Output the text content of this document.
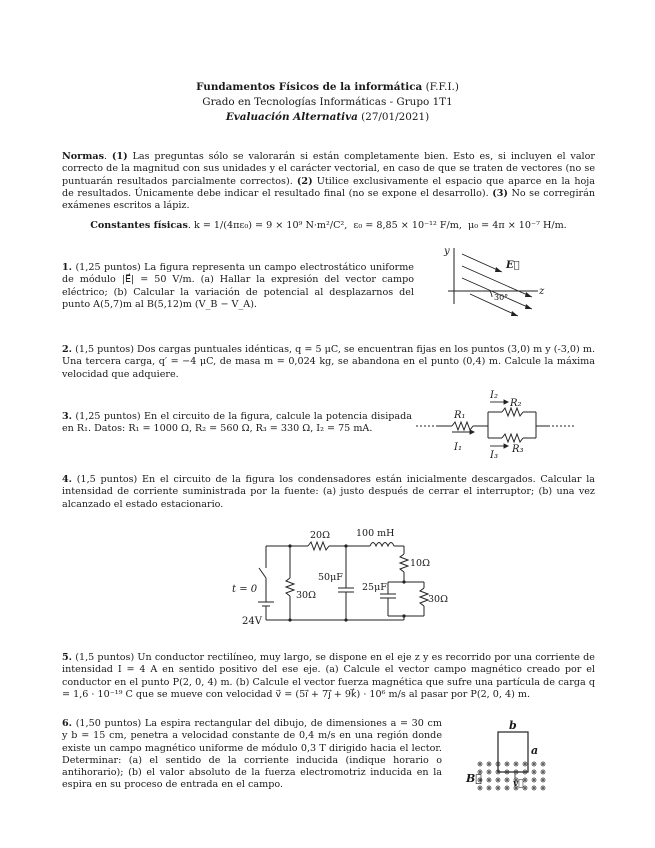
Fundamentos Físicos de la informática (F.F.I.)
Grado en Tecnologías Informáticas - Grupo 1T1
Evaluación Alternativa (27/01/2021)
Normas. (1) Las preguntas sólo se valorarán si están completamente bien. Esto es, si incluyen el valor correcto de la magnitud con sus unidades y el carácter vectorial, en caso de que se traten de vectores (no se puntuarán resultados parcialmente correctos). (2) Utilice exclusivamente el espacio que aparce en la hoja de resultados. Únicamente debe indicar el resultado final (no se expone el desarrollo). (3) No se corregirán exámenes escritos a lápiz.
Constantes físicas. k = 1/(4πε₀) = 9 × 10⁹ N·m²/C², ε₀ = 8,85 × 10⁻¹² F/m, μ₀ = 4π × 10⁻⁷ H/m.
1. (1,25 puntos) La figura representa un campo electrostático uniforme de módulo |E⃗| = 50 V/m. (a) Hallar la expresión del vector campo eléctrico; (b) Calcular la variación de potencial al desplazarnos del punto A(5,7)m al B(5,12)m (V_B − V_A).
y
z
E⃗
30°
2. (1,5 puntos) Dos cargas puntuales idénticas, q = 5 μC, se encuentran fijas en los puntos (3,0) m y (-3,0) m. Una tercera carga, q′ = −4 μC, de masa m = 0,024 kg, se abandona en el punto (0,4) m. Calcule la máxima velocidad que adquiere.
3. (1,25 puntos) En el circuito de la figura, calcule la potencia disipada en R₁. Datos: R₁ = 1000 Ω, R₂ = 560 Ω, R₃ = 330 Ω, I₂ = 75 mA.
R₁
I₁
I₂
R₂
I₃
R₃
4. (1,5 puntos) En el circuito de la figura los condensadores están inicialmente descargados. Calcular la intensidad de corriente suministrada por la fuente: (a) justo después de cerrar el interruptor; (b) una vez alcanzado el estado estacionario.
20Ω	100 mH
10Ω
50μF
25μF
30Ω	30Ω
t = 0
24V
5. (1,5 puntos) Un conductor rectilíneo, muy largo, se dispone en el eje z y es recorrido por una corriente de intensidad I = 4 A en sentido positivo del ese eje. (a) Calcule el vector campo magnético creado por el conductor en el punto P(2, 0, 4) m. (b) Calcule el vector fuerza magnética que sufre una partícula de carga q = 1,6 · 10⁻¹⁹ C que se mueve con velocidad v⃗ = (5i⃗ + 7j⃗ + 9k⃗) · 10⁶ m/s al pasar por P(2, 0, 4) m.
6. (1,50 puntos) La espira rectangular del dibujo, de dimensiones a = 30 cm y b = 15 cm, penetra a velocidad constante de 0,4 m/s en una región donde existe un campo magnético uniforme de módulo 0,3 T dirigido hacia el lector. Determinar: (a) el sentido de la corriente inducida (indique horario o antihorario); (b) el valor absoluto de la fuerza electromotriz inducida en la espira en su proceso de entrada en el campo.
b
a
B⃗	v⃗
